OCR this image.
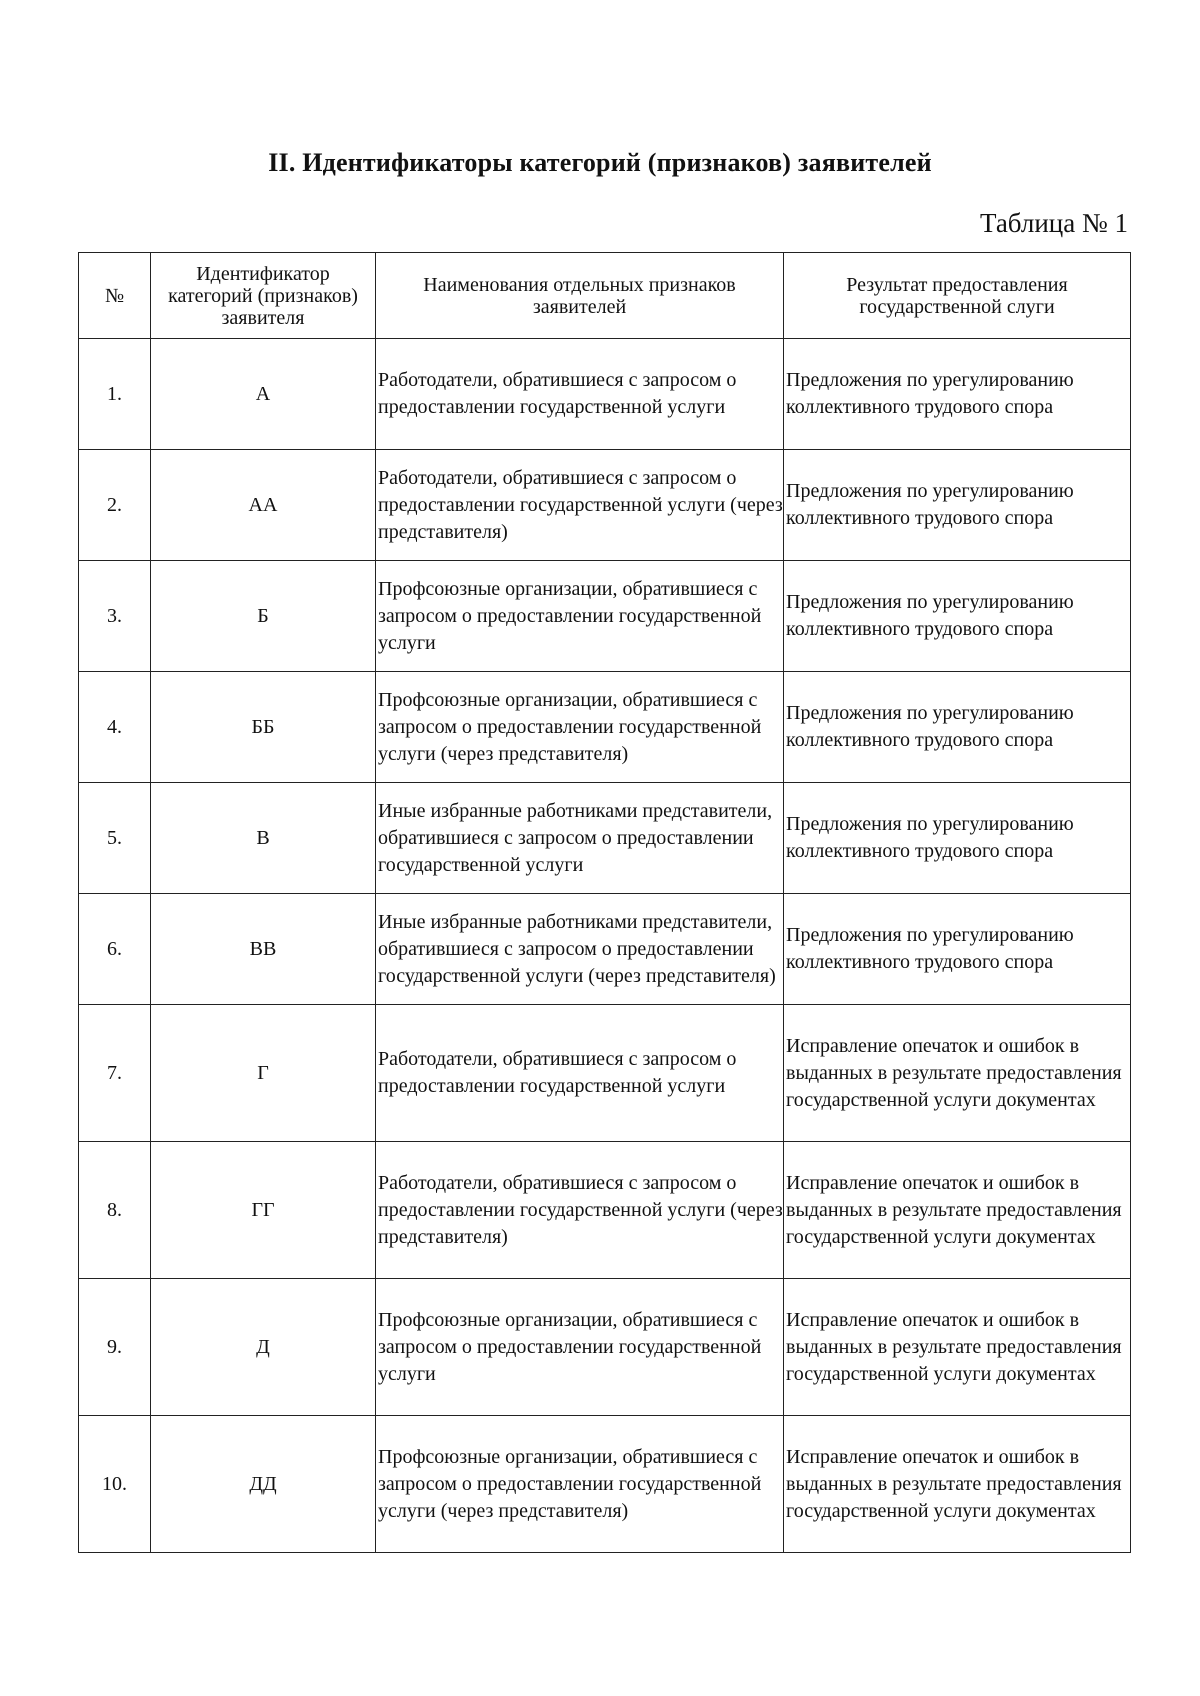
II. Идентификаторы категорий (признаков) заявителей
Таблица № 1
№	Идентификатор категорий (признаков) заявителя	Наименования отдельных признаков заявителей	Результат предоставления государственной слуги
1.	А	Работодатели, обратившиеся с запросом о предоставлении государственной услуги	Предложения по урегулированию коллективного трудового спора
2.	АА	Работодатели, обратившиеся с запросом о предоставлении государственной услуги (через представителя)	Предложения по урегулированию коллективного трудового спора
3.	Б	Профсоюзные организации, обратившиеся с запросом о предоставлении государственной услуги	Предложения по урегулированию коллективного трудового спора
4.	ББ	Профсоюзные организации, обратившиеся с запросом о предоставлении государственной услуги (через представителя)	Предложения по урегулированию коллективного трудового спора
5.	В	Иные избранные работниками представители, обратившиеся с запросом о предоставлении государственной услуги	Предложения по урегулированию коллективного трудового спора
6.	ВВ	Иные избранные работниками представители, обратившиеся с запросом о предоставлении государственной услуги (через представителя)	Предложения по урегулированию коллективного трудового спора
7.	Г	Работодатели, обратившиеся с запросом о предоставлении государственной услуги	Исправление опечаток и ошибок в выданных в результате предоставления государственной услуги документах
8.	ГГ	Работодатели, обратившиеся с запросом о предоставлении государственной услуги (через представителя)	Исправление опечаток и ошибок в выданных в результате предоставления государственной услуги документах
9.	Д	Профсоюзные организации, обратившиеся с запросом о предоставлении государственной услуги	Исправление опечаток и ошибок в выданных в результате предоставления государственной услуги документах
10.	ДД	Профсоюзные организации, обратившиеся с запросом о предоставлении государственной услуги (через представителя)	Исправление опечаток и ошибок в выданных в результате предоставления государственной услуги документах
